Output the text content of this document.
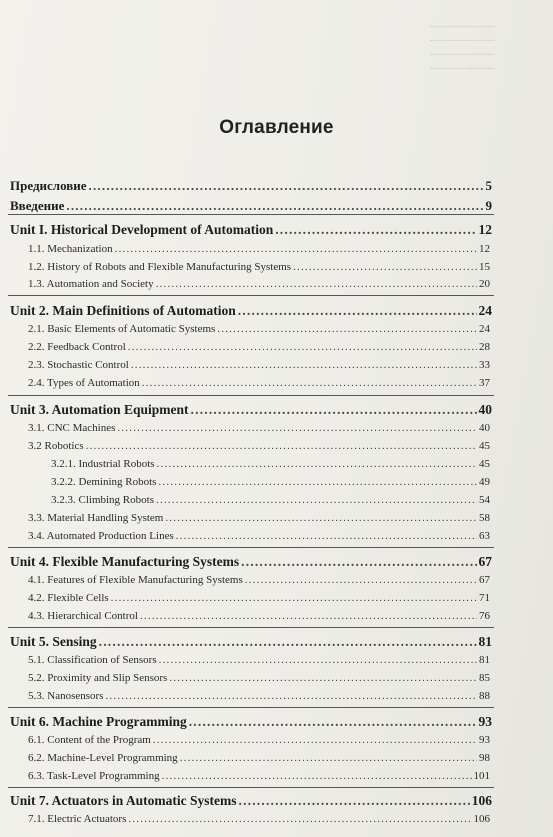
..........................
..........................
..........................
..........................
Оглавление
Предисловие .....	5
Введение .....	9
Unit I. Historical Development of Automation .....	12
1.1. Mechanization .....	12
1.2. History of Robots and Flexible Manufacturing Systems .....	15
1.3. Automation and Society .....	20
Unit 2. Main Definitions of Automation .....	24
2.1. Basic Elements of Automatic Systems .....	24
2.2. Feedback Control .....	28
2.3. Stochastic Control .....	33
2.4. Types of Automation .....	37
Unit 3. Automation Equipment .....	40
3.1. CNC Machines .....	40
3.2 Robotics .....	45
3.2.1. Industrial Robots .....	45
3.2.2. Demining Robots .....	49
3.2.3. Climbing Robots .....	54
3.3. Material Handling System .....	58
3.4. Automated Production Lines .....	63
Unit 4. Flexible Manufacturing Systems .....	67
4.1. Features of Flexible Manufacturing Systems .....	67
4.2. Flexible Cells .....	71
4.3. Hierarchical Control .....	76
Unit 5. Sensing .....	81
5.1. Classification of Sensors .....	81
5.2. Proximity and Slip Sensors .....	85
5.3. Nanosensors .....	88
Unit 6. Machine Programming .....	93
6.1. Content of the Program .....	93
6.2. Machine-Level Programming .....	98
6.3. Task-Level Programming .....	101
Unit 7. Actuators in Automatic Systems .....	106
7.1. Electric Actuators .....	106
